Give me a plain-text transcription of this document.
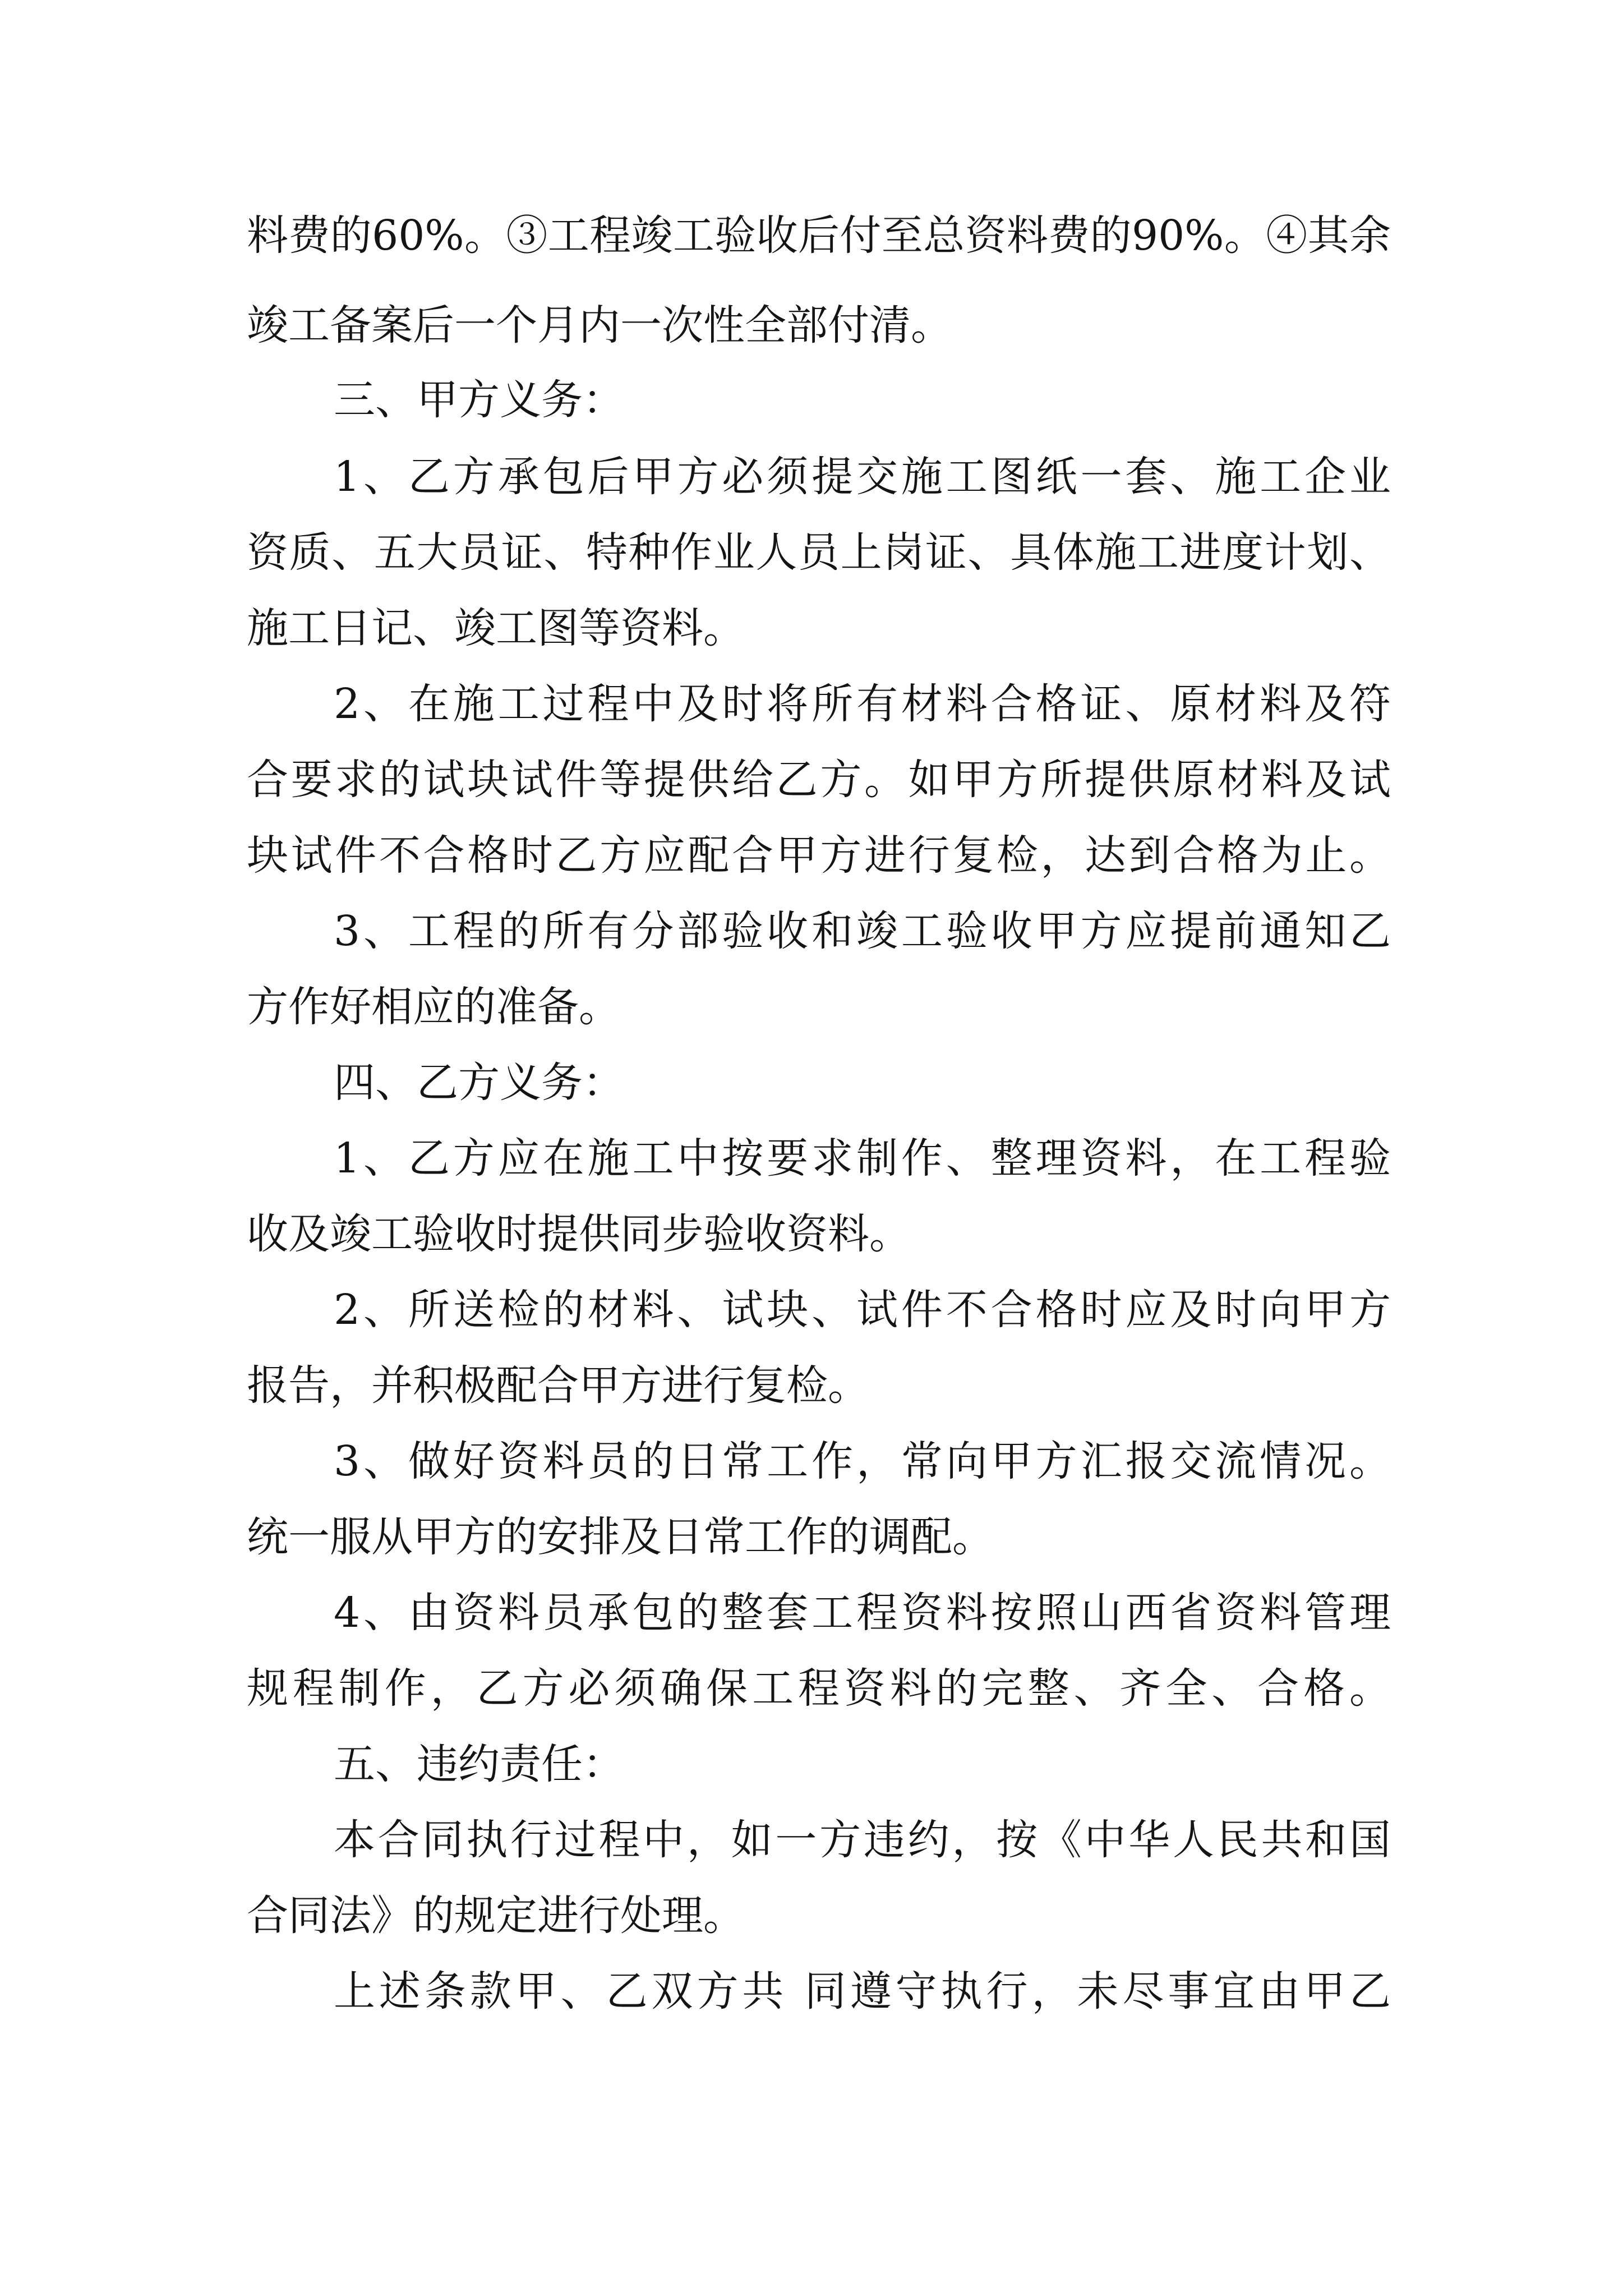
料费的60%。③工程竣工验收后付至总资料费的90%。④其余

竣工备案后一个月内一次性全部付清。

三、甲方义务：

1、乙方承包后甲方必须提交施工图纸一套、施工企业

资质、五大员证、特种作业人员上岗证、具体施工进度计划、

施工日记、竣工图等资料。

2、在施工过程中及时将所有材料合格证、原材料及符

合要求的试块试件等提供给乙方。如甲方所提供原材料及试

块试件不合格时乙方应配合甲方进行复检，达到合格为止。

3、工程的所有分部验收和竣工验收甲方应提前通知乙

方作好相应的准备。

四、乙方义务：

1、乙方应在施工中按要求制作、整理资料，在工程验

收及竣工验收时提供同步验收资料。

2、所送检的材料、试块、试件不合格时应及时向甲方

报告，并积极配合甲方进行复检。

3、做好资料员的日常工作，常向甲方汇报交流情况。

统一服从甲方的安排及日常工作的调配。

4、由资料员承包的整套工程资料按照山西省资料管理

规程制作，乙方必须确保工程资料的完整、齐全、合格。

五、违约责任：

本合同执行过程中，如一方违约，按《中华人民共和国

合同法》的规定进行处理。

上述条款甲、乙双方共 同遵守执行，未尽事宜由甲乙
